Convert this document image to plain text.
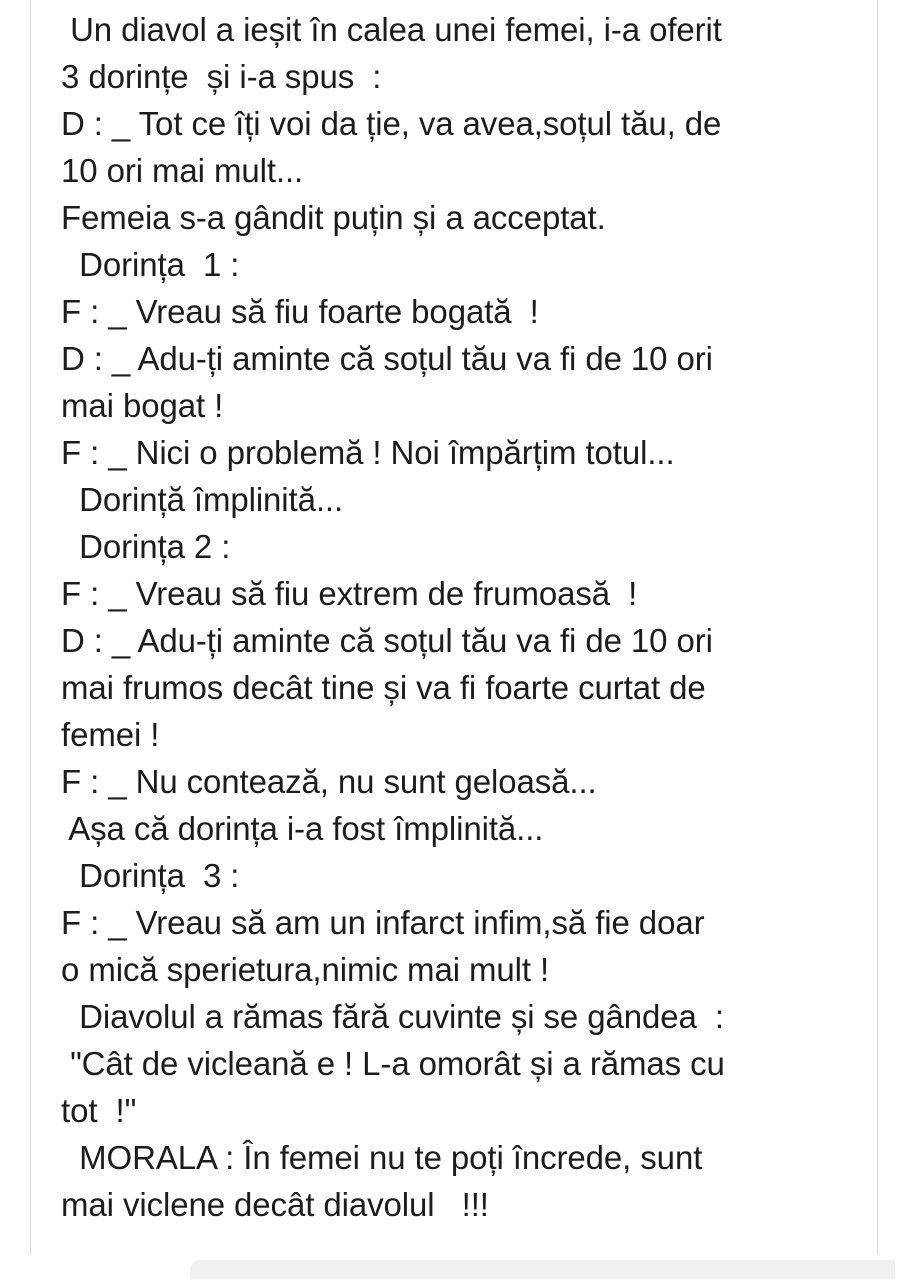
Un diavol a ieșit în calea unei femei, i-a oferit
3 dorințe  și i-a spus  :
D : _ Tot ce îți voi da ție, va avea,soțul tău, de
10 ori mai mult...
Femeia s-a gândit puțin și a acceptat.
Dorința  1 :
F : _ Vreau să fiu foarte bogată  !
D : _ Adu-ți aminte că soțul tău va fi de 10 ori
mai bogat !
F : _ Nici o problemă ! Noi împărțim totul...
Dorință împlinită...
Dorința 2 :
F : _ Vreau să fiu extrem de frumoasă  !
D : _ Adu-ți aminte că soțul tău va fi de 10 ori
mai frumos decât tine și va fi foarte curtat de
femei !
F : _ Nu contează, nu sunt geloasă...
Așa că dorința i-a fost împlinită...
Dorința  3 :
F : _ Vreau să am un infarct infim,să fie doar
o mică sperietura,nimic mai mult !
Diavolul a rămas fără cuvinte și se gândea  :
"Cât de vicleană e ! L-a omorât și a rămas cu
tot  !"
MORALA : În femei nu te poți încrede, sunt
mai viclene decât diavolul   !!!
